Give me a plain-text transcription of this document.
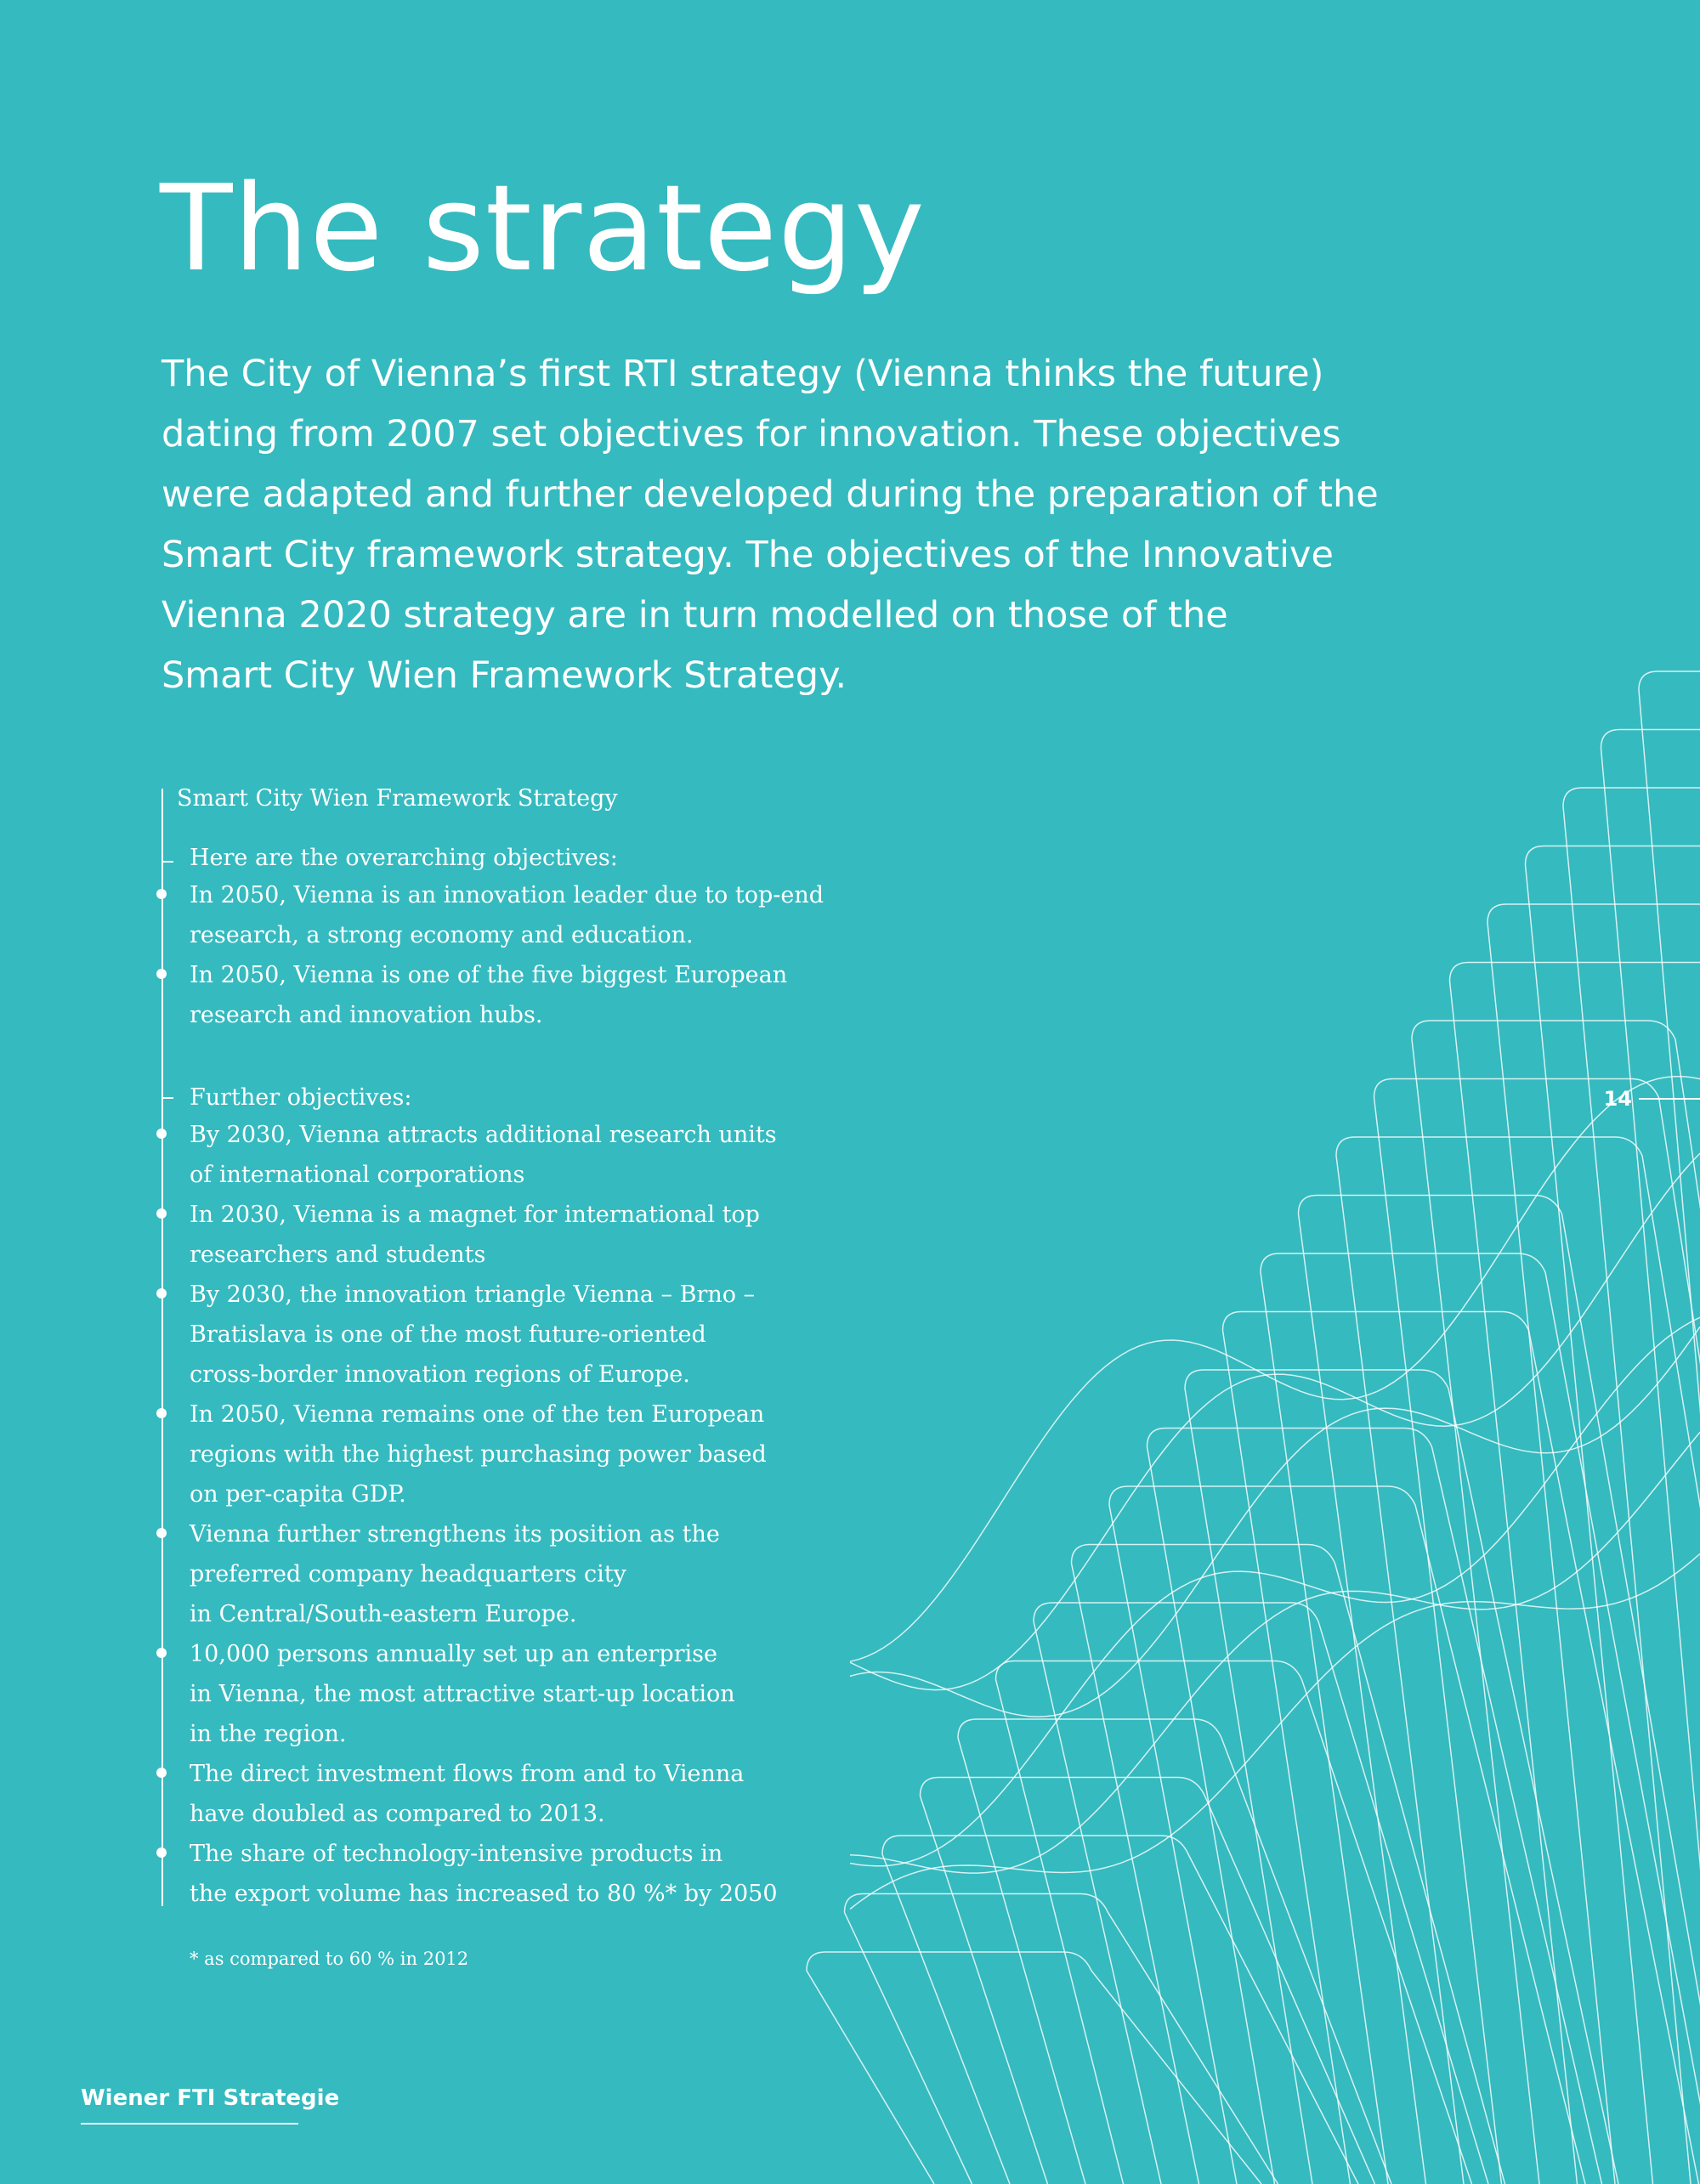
The strategy

The City of Vienna’s first RTI strategy (Vienna thinks the future)
dating from 2007 set objectives for innovation. These objectives
were adapted and further developed during the preparation of the
Smart City framework strategy. The objectives of the Innovative
Vienna 2020 strategy are in turn modelled on those of the
Smart City Wien Framework Strategy.

Smart City Wien Framework Strategy
Here are the overarching objectives:
In 2050, Vienna is an innovation leader due to top-end
research, a strong economy and education.
In 2050, Vienna is one of the five biggest European
research and innovation hubs.
Further objectives:
By 2030, Vienna attracts additional research units
of international corporations
In 2030, Vienna is a magnet for international top
researchers and students
By 2030, the innovation triangle Vienna – Brno –
Bratislava is one of the most future-oriented
cross-border innovation regions of Europe.
In 2050, Vienna remains one of the ten European
regions with the highest purchasing power based
on per-capita GDP.
Vienna further strengthens its position as the
preferred company headquarters city
in Central/South-eastern Europe.
10,000 persons annually set up an enterprise
in Vienna, the most attractive start-up location
in the region.
The direct investment flows from and to Vienna
have doubled as compared to 2013.
The share of technology-intensive products in
the export volume has increased to 80 %* by 2050
* as compared to 60 % in 2012
14
Wiener FTI Strategie
